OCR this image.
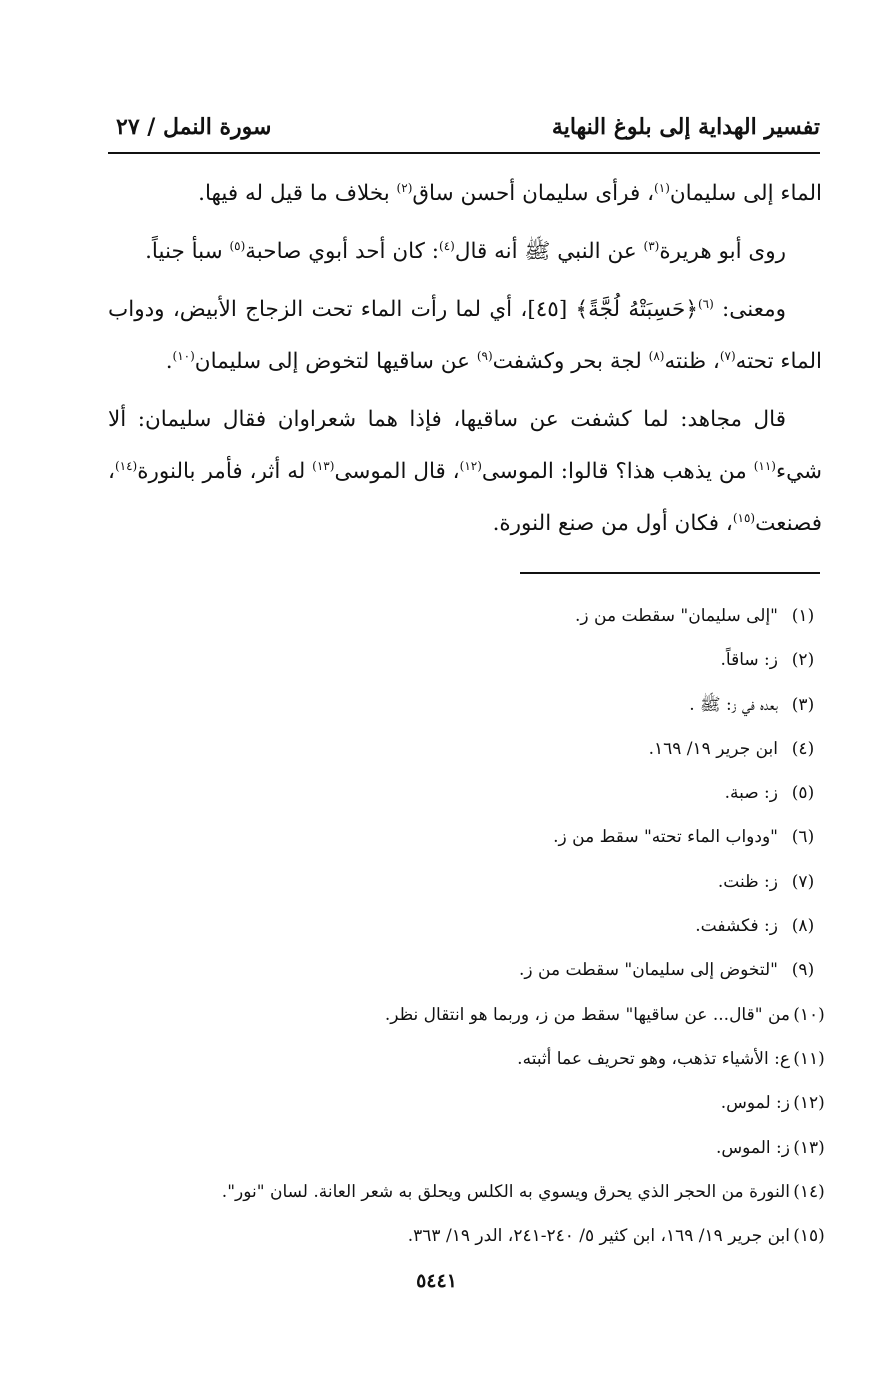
تفسير الهداية إلى بلوغ النهاية
سورة النمل / ٢٧

الماء إلى سليمان$^{(١)}$، فرأى سليمان أحسن ساق$^{(٢)}$ بخلاف ما قيل له فيها.

روى أبو هريرة$^{(٣)}$ عن النبي ﷺ أنه قال$^{(٤)}$: كان أحد أبوي صاحبة$^{(٥)}$ سبأ جنياً.

ومعنى: $^{(٦)}$﴿حَسِبَتْهُ لُجَّةً﴾ [٤٥]، أي لما رأت الماء تحت الزجاج الأبيض، ودواب الماء تحته$^{(٧)}$، ظنته$^{(٨)}$ لجة بحر وكشفت$^{(٩)}$ عن ساقيها لتخوض إلى سليمان$^{(١٠)}$.

قال مجاهد: لما كشفت عن ساقيها، فإذا هما شعراوان فقال سليمان: ألا شيء$^{(١١)}$ من يذهب هذا؟ قالوا: الموسى$^{(١٢)}$، قال الموسى$^{(١٣)}$ له أثر، فأمر بالنورة$^{(١٤)}$، فصنعت$^{(١٥)}$، فكان أول من صنع النورة.

(١)"إلى سليمان" سقطت من ز.
(٢)ز: ساقاً.
(٣)بعده في ز: ﷺ .
(٤)ابن جرير ١٩/ ١٦٩.
(٥)ز: صبة.
(٦)"ودواب الماء تحته" سقط من ز.
(٧)ز: ظنت.
(٨)ز: فكشفت.
(٩)"لتخوض إلى سليمان" سقطت من ز.
(١٠)من "قال... عن ساقيها" سقط من ز، وربما هو انتقال نظر.
(١١)ع: الأشياء تذهب، وهو تحريف عما أثبته.
(١٢)ز: لموس.
(١٣)ز: الموس.
(١٤)النورة من الحجر الذي يحرق ويسوي به الكلس ويحلق به شعر العانة. لسان "نور".
(١٥)ابن جرير ١٩/ ١٦٩، ابن كثير ٥/ ٢٤٠-٢٤١، الدر ١٩/ ٣٦٣.
٥٤٤١
